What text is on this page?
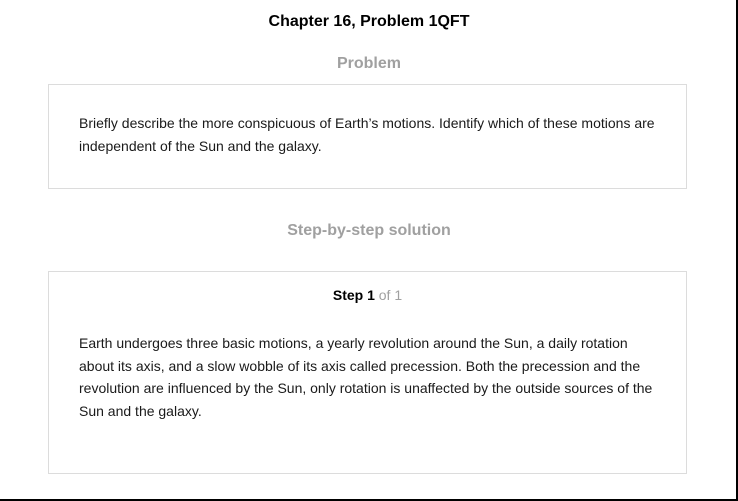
Chapter 16, Problem 1QFT
Problem
Briefly describe the more conspicuous of Earth’s motions. Identify which of these motions are independent of the Sun and the galaxy.
Step-by-step solution
Step 1 of 1
Earth undergoes three basic motions, a yearly revolution around the Sun, a daily rotation about its axis, and a slow wobble of its axis called precession. Both the precession and the revolution are influenced by the Sun, only rotation is unaffected by the outside sources of the Sun and the galaxy.
